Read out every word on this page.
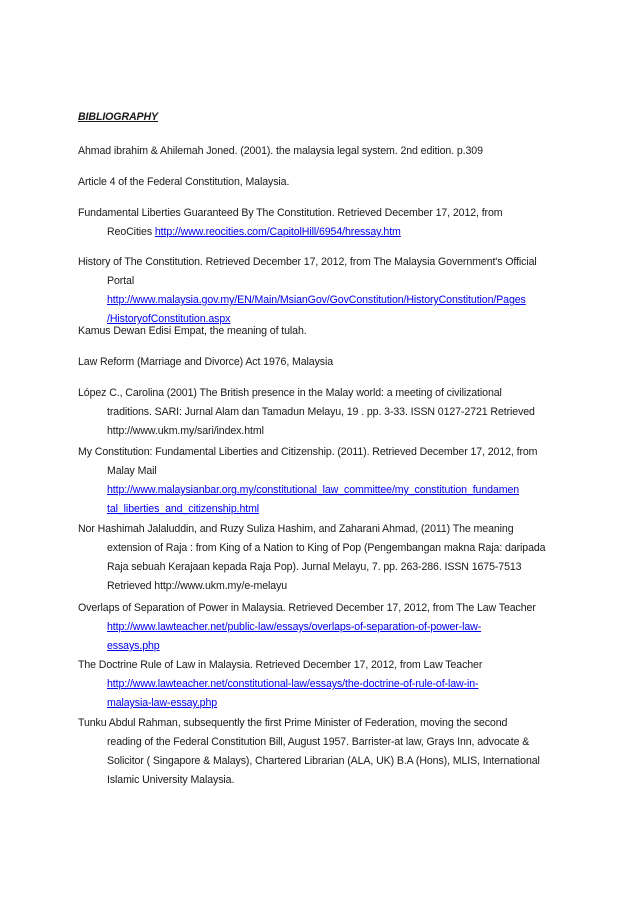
BIBLIOGRAPHY
Ahmad ibrahim & Ahilemah Joned. (2001). the malaysia legal system. 2nd edition. p.309
Article 4 of the Federal Constitution, Malaysia.
Fundamental Liberties Guaranteed By The Constitution. Retrieved December 17, 2012, from
ReoCities http://www.reocities.com/CapitolHill/6954/hressay.htm
History of The Constitution. Retrieved December 17, 2012, from The Malaysia Government's Official
Portal
http://www.malaysia.gov.my/EN/Main/MsianGov/GovConstitution/HistoryConstitution/Pages
/HistoryofConstitution.aspx
Kamus Dewan Edisi Empat, the meaning of tulah.
Law Reform (Marriage and Divorce) Act 1976, Malaysia
López C., Carolina (2001) The British presence in the Malay world: a meeting of civilizational
traditions. SARI: Jurnal Alam dan Tamadun Melayu, 19 . pp. 3-33. ISSN 0127-2721 Retrieved
http://www.ukm.my/sari/index.html
My Constitution: Fundamental Liberties and Citizenship. (2011). Retrieved December 17, 2012, from
Malay Mail
http://www.malaysianbar.org.my/constitutional_law_committee/my_constitution_fundamen
tal_liberties_and_citizenship.html
Nor Hashimah Jalaluddin, and Ruzy Suliza Hashim, and Zaharani Ahmad, (2011) The meaning
extension of Raja : from King of a Nation to King of Pop (Pengembangan makna Raja: daripada
Raja sebuah Kerajaan kepada Raja Pop). Jurnal Melayu, 7. pp. 263-286. ISSN 1675-7513
Retrieved http://www.ukm.my/e-melayu
Overlaps of Separation of Power in Malaysia. Retrieved December 17, 2012, from The Law Teacher
http://www.lawteacher.net/public-law/essays/overlaps-of-separation-of-power-law-
essays.php
The Doctrine Rule of Law in Malaysia. Retrieved December 17, 2012, from Law Teacher
http://www.lawteacher.net/constitutional-law/essays/the-doctrine-of-rule-of-law-in-
malaysia-law-essay.php
Tunku Abdul Rahman, subsequently the first Prime Minister of Federation, moving the second
reading of the Federal Constitution Bill, August 1957. Barrister-at law, Grays Inn, advocate &
Solicitor ( Singapore & Malays), Chartered Librarian (ALA, UK) B.A (Hons), MLIS, International
Islamic University Malaysia.
